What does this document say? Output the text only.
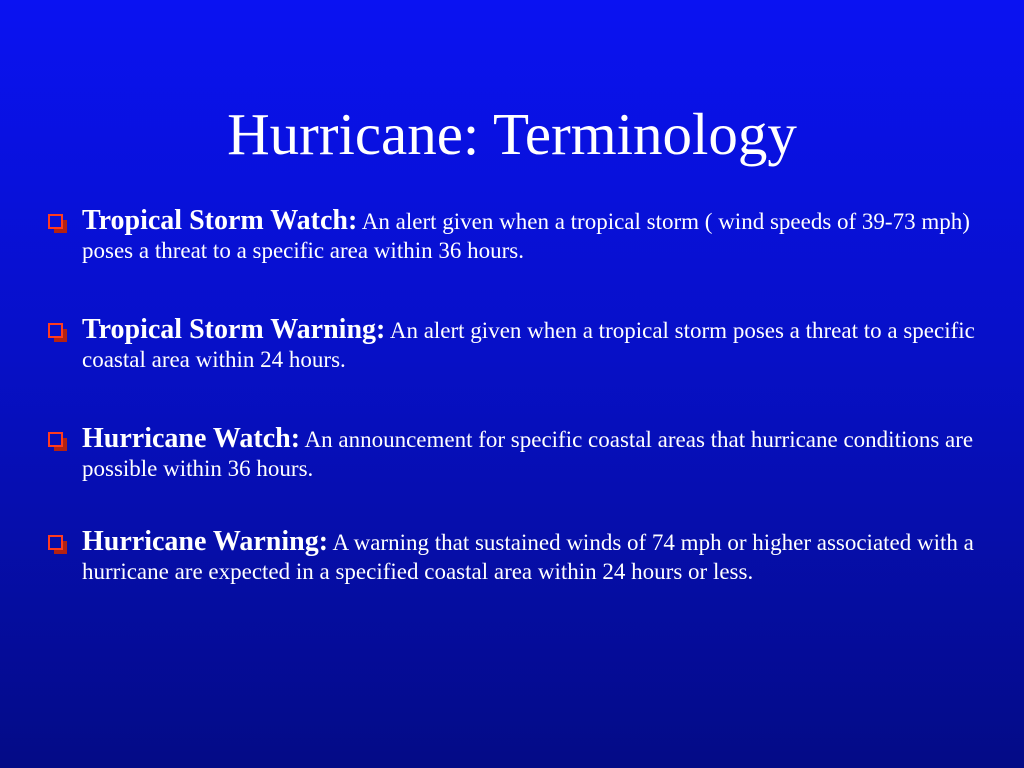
Hurricane: Terminology
Tropical Storm Watch: An alert given when a tropical storm ( wind speeds of 39-73 mph) poses a threat to a specific area within 36 hours.
Tropical Storm Warning: An alert given when a tropical storm poses a threat to a specific coastal area within 24 hours.
Hurricane Watch: An announcement for specific coastal areas that hurricane conditions are possible within 36 hours.
Hurricane Warning: A warning that sustained winds of 74 mph or higher associated with a hurricane are expected in a specified coastal area within 24 hours or less.
